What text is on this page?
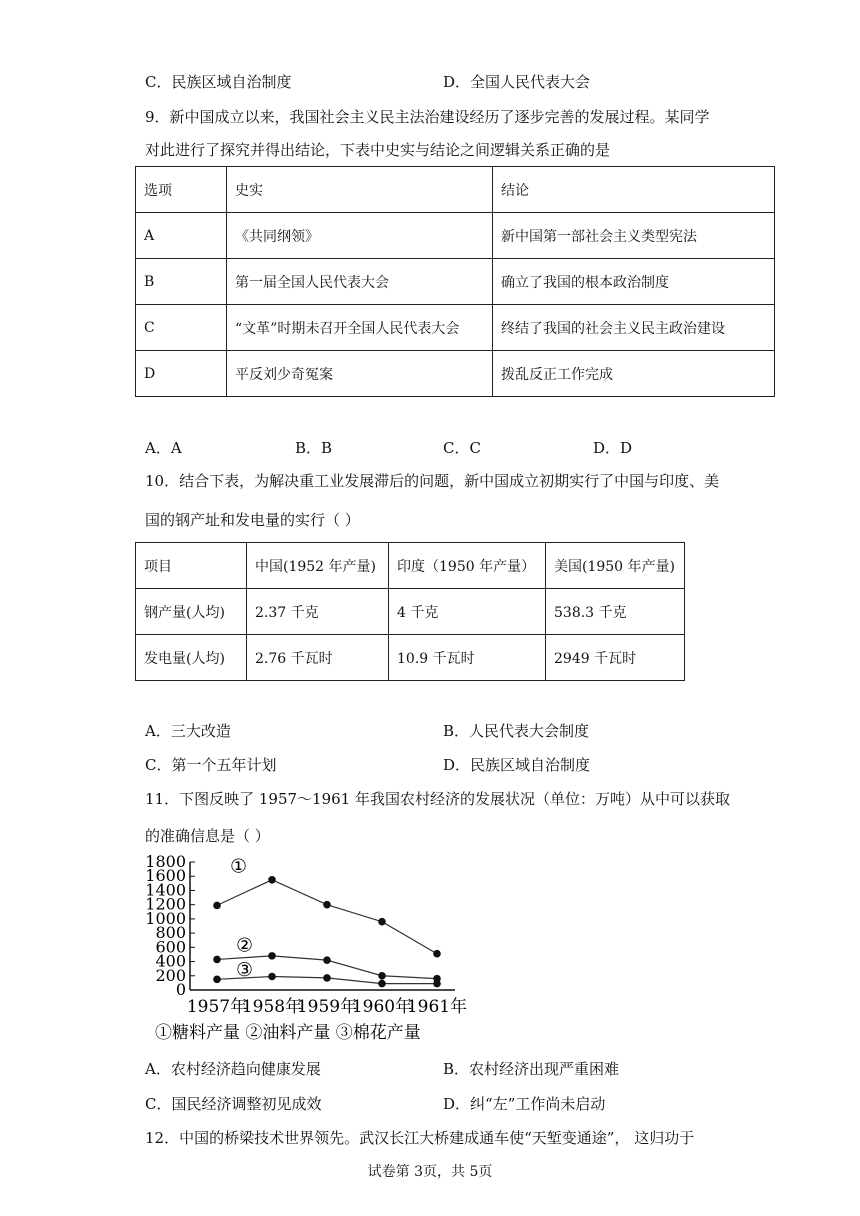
C．民族区域自治制度	D．全国人民代表大会
9．新中国成立以来，我国社会主义民主法治建设经历了逐步完善的发展过程。某同学
对此进行了探究并得出结论，下表中史实与结论之间逻辑关系正确的是
选项	史实	结论
A	《共同纲领》	新中国第一部社会主义类型宪法
B	第一届全国人民代表大会	确立了我国的根本政治制度
C	“文革”时期未召开全国人民代表大会	终结了我国的社会主义民主政治建设
D	平反刘少奇冤案	拨乱反正工作完成
A．A	B．B	C．C	D．D
10．结合下表，为解决重工业发展滞后的问题，新中国成立初期实行了中国与印度、美
国的钢产址和发电量的实行（ ）
项目	中国(1952 年产量)	印度（1950 年产量）	美国(1950 年产量)
钢产量(人均)	2.37 千克	4 千克	538.3 千克
发电量(人均)	2.76 千瓦时	10.9 千瓦时	2949 千瓦时
A．三大改造	B．人民代表大会制度
C．第一个五年计划	D．民族区域自治制度
11．下图反映了 1957～1961 年我国农村经济的发展状况（单位：万吨）从中可以获取
的准确信息是（ ）
0
200
400
600
800
1000
1200
1400
1600
1800
1957年
1958年
1959年
1960年
1961年
①
②
③
①糖料产量 ②油料产量 ③棉花产量
A．农村经济趋向健康发展	B．农村经济出现严重困难
C．国民经济调整初见成效	D．纠“左”工作尚未启动
12．中国的桥梁技术世界领先。武汉长江大桥建成通车使“天堑变通途”， 这归功于
试卷第 3页，共 5页
